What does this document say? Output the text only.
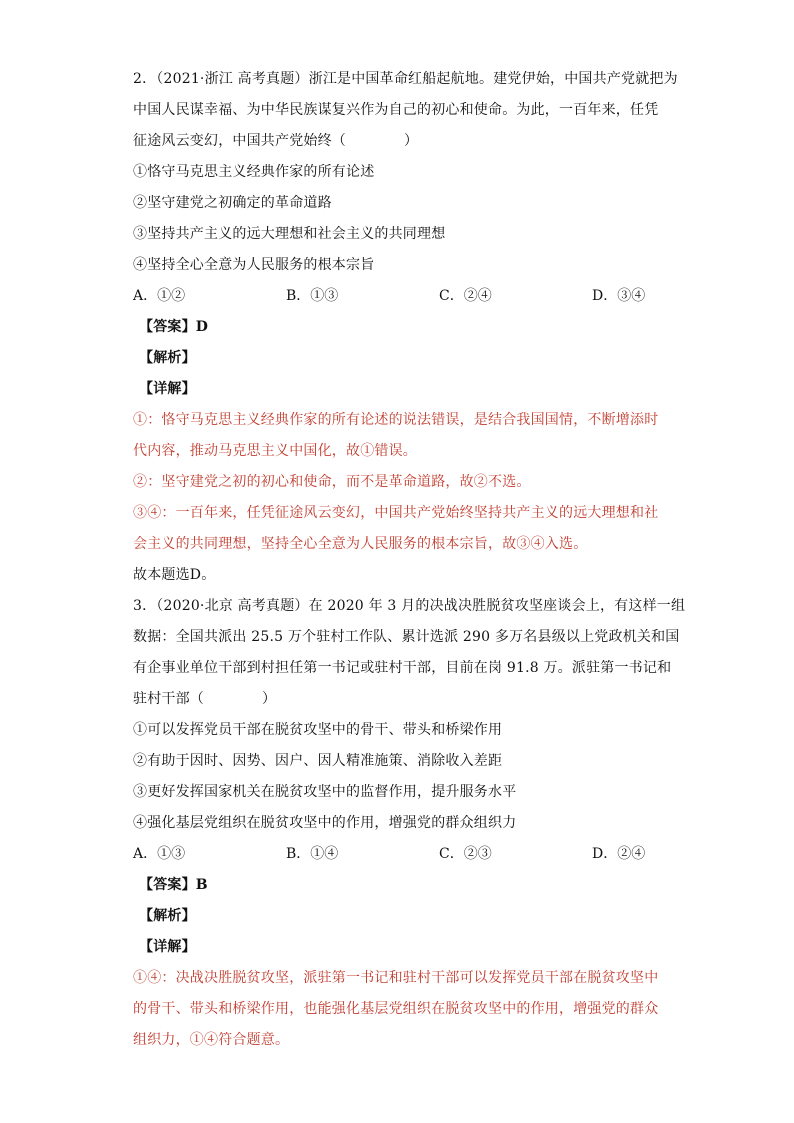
2．（2021·浙江 高考真题）浙江是中国革命红船起航地。建党伊始，中国共产党就把为
中国人民谋幸福、为中华民族谋复兴作为自己的初心和使命。为此，一百年来，任凭
征途风云变幻，中国共产党始终（	）
①恪守马克思主义经典作家的所有论述
②坚守建党之初确定的革命道路
③坚持共产主义的远大理想和社会主义的共同理想
④坚持全心全意为人民服务的根本宗旨
A．①②	B．①③	C．②④	D．③④
【答案】D
【解析】
【详解】
①：恪守马克思主义经典作家的所有论述的说法错误，是结合我国国情，不断增添时
代内容，推动马克思主义中国化，故①错误。
②：坚守建党之初的初心和使命，而不是革命道路，故②不选。
③④：一百年来，任凭征途风云变幻，中国共产党始终坚持共产主义的远大理想和社
会主义的共同理想，坚持全心全意为人民服务的根本宗旨，故③④入选。
故本题选D。
3．（2020·北京 高考真题）在 2020 年 3 月的决战决胜脱贫攻坚座谈会上，有这样一组
数据：全国共派出 25.5 万个驻村工作队、累计选派 290 多万名县级以上党政机关和国
有企事业单位干部到村担任第一书记或驻村干部，目前在岗 91.8 万。派驻第一书记和
驻村干部（	）
①可以发挥党员干部在脱贫攻坚中的骨干、带头和桥梁作用
②有助于因时、因势、因户、因人精准施策、消除收入差距
③更好发挥国家机关在脱贫攻坚中的监督作用，提升服务水平
④强化基层党组织在脱贫攻坚中的作用，增强党的群众组织力
A．①③	B．①④	C．②③	D．②④
【答案】B
【解析】
【详解】
①④：决战决胜脱贫攻坚，派驻第一书记和驻村干部可以发挥党员干部在脱贫攻坚中
的骨干、带头和桥梁作用，也能强化基层党组织在脱贫攻坚中的作用，增强党的群众
组织力，①④符合题意。
